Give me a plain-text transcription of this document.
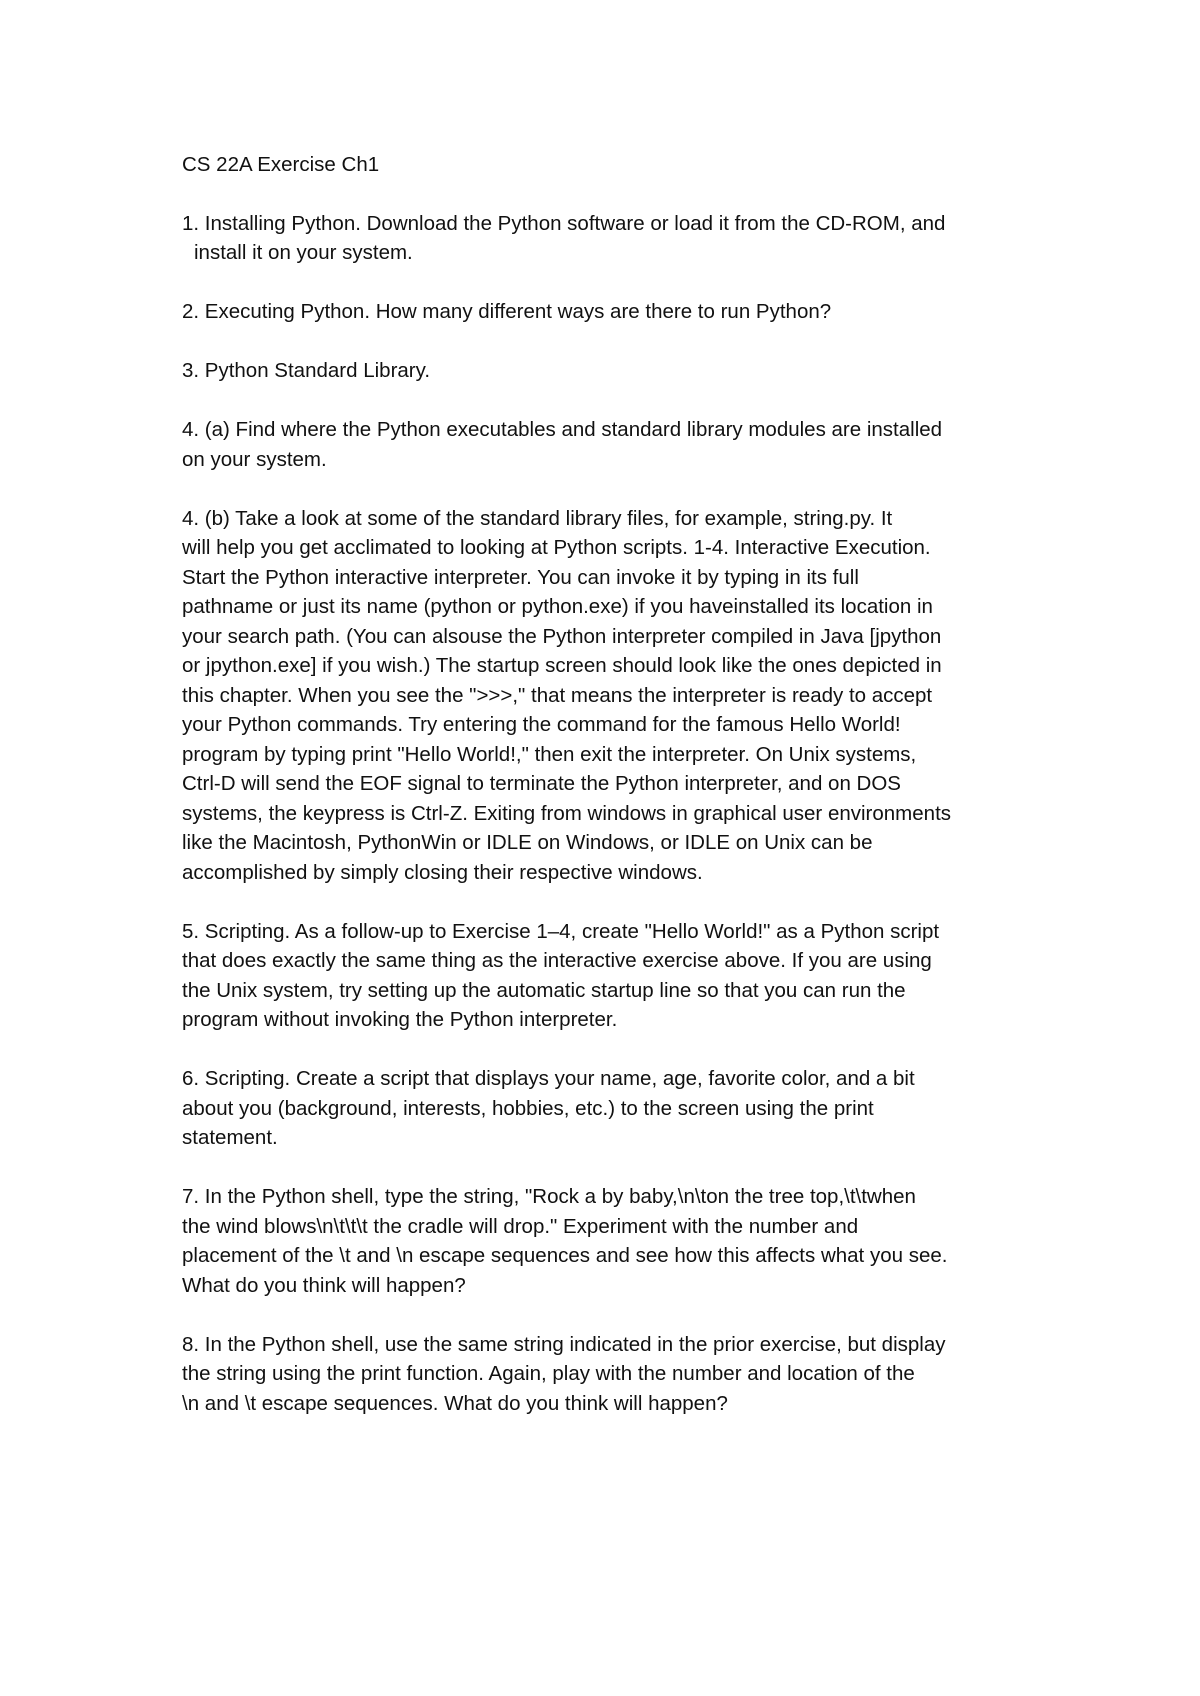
CS 22A Exercise Ch1
1. Installing Python. Download the Python software or load it from the CD-ROM, and
install it on your system.
2. Executing Python. How many different ways are there to run Python?
3. Python Standard Library.
4. (a) Find where the Python executables and standard library modules are installed
on your system.
4. (b) Take a look at some of the standard library files, for example, string.py. It
will help you get acclimated to looking at Python scripts. 1-4. Interactive Execution.
Start the Python interactive interpreter. You can invoke it by typing in its full
pathname or just its name (python or python.exe) if you haveinstalled its location in
your search path. (You can alsouse the Python interpreter compiled in Java [jpython
or jpython.exe] if you wish.) The startup screen should look like the ones depicted in
this chapter. When you see the ">>>," that means the interpreter is ready to accept
your Python commands. Try entering the command for the famous Hello World!
program by typing print "Hello World!," then exit the interpreter. On Unix systems,
Ctrl-D will send the EOF signal to terminate the Python interpreter, and on DOS
systems, the keypress is Ctrl-Z. Exiting from windows in graphical user environments
like the Macintosh, PythonWin or IDLE on Windows, or IDLE on Unix can be
accomplished by simply closing their respective windows.
5. Scripting. As a follow-up to Exercise 1–4, create "Hello World!" as a Python script
that does exactly the same thing as the interactive exercise above. If you are using
the Unix system, try setting up the automatic startup line so that you can run the
program without invoking the Python interpreter.
6. Scripting. Create a script that displays your name, age, favorite color, and a bit
about you (background, interests, hobbies, etc.) to the screen using the print
statement.
7. In the Python shell, type the string, "Rock a by baby,\n\ton the tree top,\t\twhen
the wind blows\n\t\t\t the cradle will drop." Experiment with the number and
placement of the \t and \n escape sequences and see how this affects what you see.
What do you think will happen?
8. In the Python shell, use the same string indicated in the prior exercise, but display
the string using the print function. Again, play with the number and location of the
\n and \t escape sequences. What do you think will happen?
